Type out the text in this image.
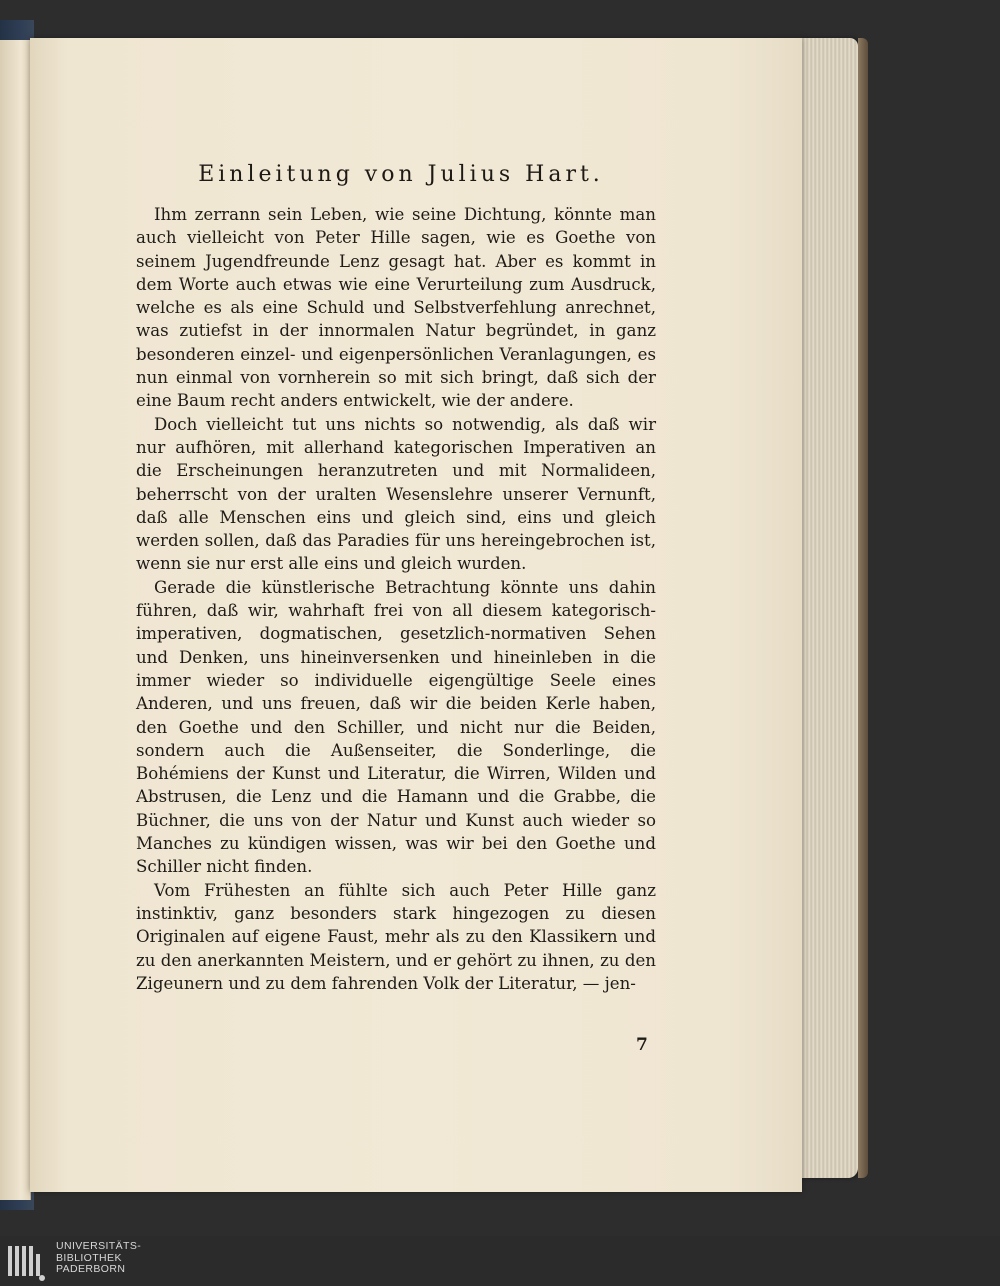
Einleitung von Julius Hart.

Ihm zerrann sein Leben, wie seine Dichtung, könnte man auch vielleicht von Peter Hille sagen, wie es Goethe von seinem Jugendfreunde Lenz gesagt hat. Aber es kommt in dem Worte auch etwas wie eine Verurteilung zum Ausdruck, welche es als eine Schuld und Selbstverfehlung anrechnet, was zutiefst in der innormalen Natur begründet, in ganz besonderen einzel- und eigenpersönlichen Veranlagungen, es nun einmal von vornherein so mit sich bringt, daß sich der eine Baum recht anders entwickelt, wie der andere.

Doch vielleicht tut uns nichts so notwendig, als daß wir nur aufhören, mit allerhand kategorischen Imperativen an die Erscheinungen heranzutreten und mit Normalideen, beherrscht von der uralten Wesenslehre unserer Vernunft, daß alle Menschen eins und gleich sind, eins und gleich werden sollen, daß das Paradies für uns hereingebrochen ist, wenn sie nur erst alle eins und gleich wurden.

Gerade die künstlerische Betrachtung könnte uns dahin führen, daß wir, wahrhaft frei von all diesem kategorisch-imperativen, dogmatischen, gesetzlich-normativen Sehen und Denken, uns hineinversenken und hineinleben in die immer wieder so individuelle eigengültige Seele eines Anderen, und uns freuen, daß wir die beiden Kerle haben, den Goethe und den Schiller, und nicht nur die Beiden, sondern auch die Außenseiter, die Sonderlinge, die Bohémiens der Kunst und Literatur, die Wirren, Wilden und Abstrusen, die Lenz und die Hamann und die Grabbe, die Büchner, die uns von der Natur und Kunst auch wieder so Manches zu kündigen wissen, was wir bei den Goethe und Schiller nicht finden.

Vom Frühesten an fühlte sich auch Peter Hille ganz instinktiv, ganz besonders stark hingezogen zu diesen Originalen auf eigene Faust, mehr als zu den Klassikern und zu den anerkannten Meistern, und er gehört zu ihnen, zu den Zigeunern und zu dem fahrenden Volk der Literatur, — jen-

7
UNIVERSITÄTS-
BIBLIOTHEK
PADERBORN
